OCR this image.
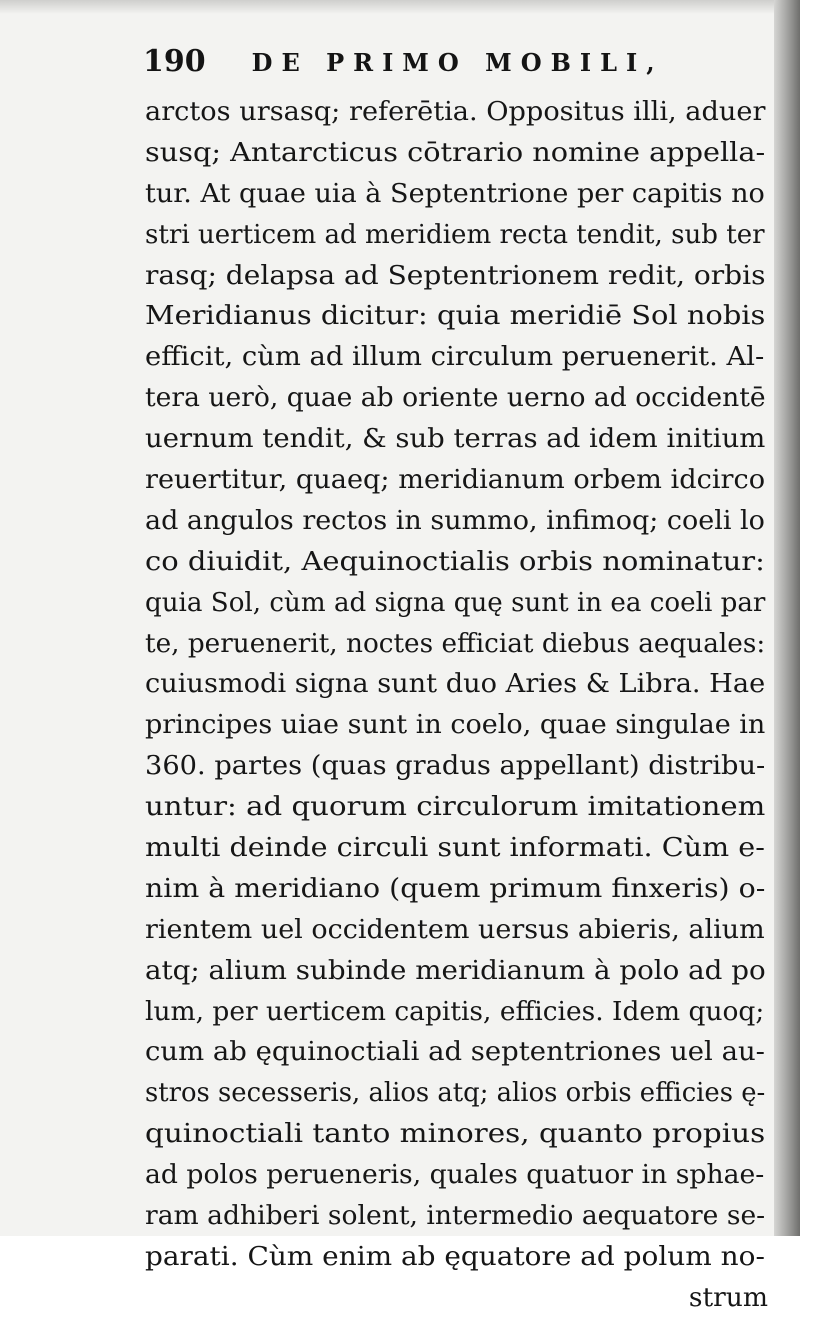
190 DE PRIMO MOBILI,
arctos ursasq; referētia. Oppositus illi, aduer
susq; Antarcticus cōtrario nomine appella-
tur. At quae uia à Septentrione per capitis no
stri uerticem ad meridiem recta tendit, sub ter
rasq; delapsa ad Septentrionem redit, orbis
Meridianus dicitur: quia meridiē Sol nobis
efficit, cùm ad illum circulum peruenerit. Al-
tera uerò, quae ab oriente uerno ad occidentē
uernum tendit, & sub terras ad idem initium
reuertitur, quaeq; meridianum orbem idcirco
ad angulos rectos in summo, infimoq; coeli lo
co diuidit, Aequinoctialis orbis nominatur:
quia Sol, cùm ad signa quę sunt in ea coeli par
te, peruenerit, noctes efficiat diebus aequales:
cuiusmodi signa sunt duo Aries & Libra. Hae
principes uiae sunt in coelo, quae singulae in
360. partes (quas gradus appellant) distribu-
untur: ad quorum circulorum imitationem
multi deinde circuli sunt informati. Cùm e-
nim à meridiano (quem primum finxeris) o-
rientem uel occidentem uersus abieris, alium
atq; alium subinde meridianum à polo ad po
lum, per uerticem capitis, efficies. Idem quoq;
cum ab ęquinoctiali ad septentriones uel au-
stros secesseris, alios atq; alios orbis efficies ę-
quinoctiali tanto minores, quanto propius
ad polos perueneris, quales quatuor in sphae-
ram adhiberi solent, intermedio aequatore se-
parati. Cùm enim ab ęquatore ad polum no-
strum
